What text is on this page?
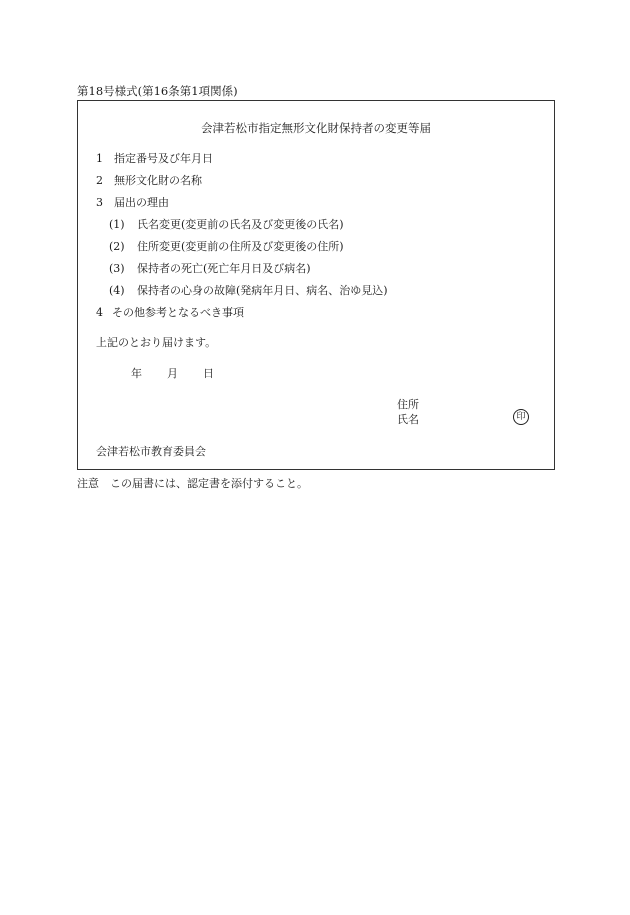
第18号様式(第16条第1項関係)
会津若松市指定無形文化財保持者の変更等届
1 指定番号及び年月日
2 無形文化財の名称
3 届出の理由
(1) 氏名変更(変更前の氏名及び変更後の氏名)
(2) 住所変更(変更前の住所及び変更後の住所)
(3) 保持者の死亡(死亡年月日及び病名)
(4) 保持者の心身の故障(発病年月日、病名、治ゆ見込)
4 その他参考となるべき事項
上記のとおり届けます。
年 月 日
住所
氏名	印
会津若松市教育委員会
注意　この届書には、認定書を添付すること。
